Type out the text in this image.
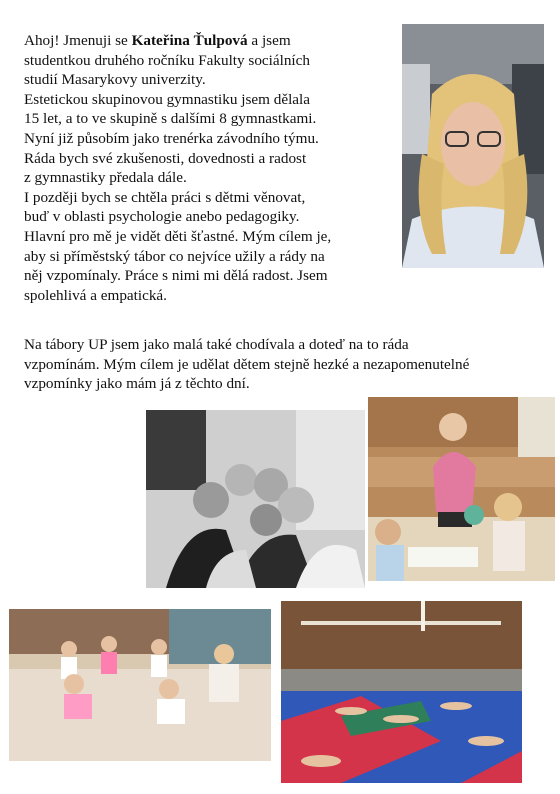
Ahoj! Jmenuji se Kateřina Ťulpová a jsem

studentkou druhého ročníku Fakulty sociálních

studií Masarykovy univerzity.

Estetickou skupinovou gymnastiku jsem dělala

15 let, a to ve skupině s dalšími 8 gymnastkami.

Nyní již působím jako trenérka závodního týmu.

Ráda bych své zkušenosti, dovednosti a radost

z gymnastiky předala dále.

I později bych se chtěla práci s dětmi věnovat,

buď v oblasti psychologie anebo pedagogiky.

Hlavní pro mě je vidět děti šťastné. Mým cílem je,

aby si příměstský tábor co nejvíce užily a rády na

něj vzpomínaly. Práce s nimi mi dělá radost. Jsem

spolehlivá a empatická.

Na tábory UP jsem jako malá také chodívala a doteď na to ráda
vzpomínám. Mým cílem je udělat dětem stejně hezké a nezapomenutelné
vzpomínky jako mám já z těchto dní.
